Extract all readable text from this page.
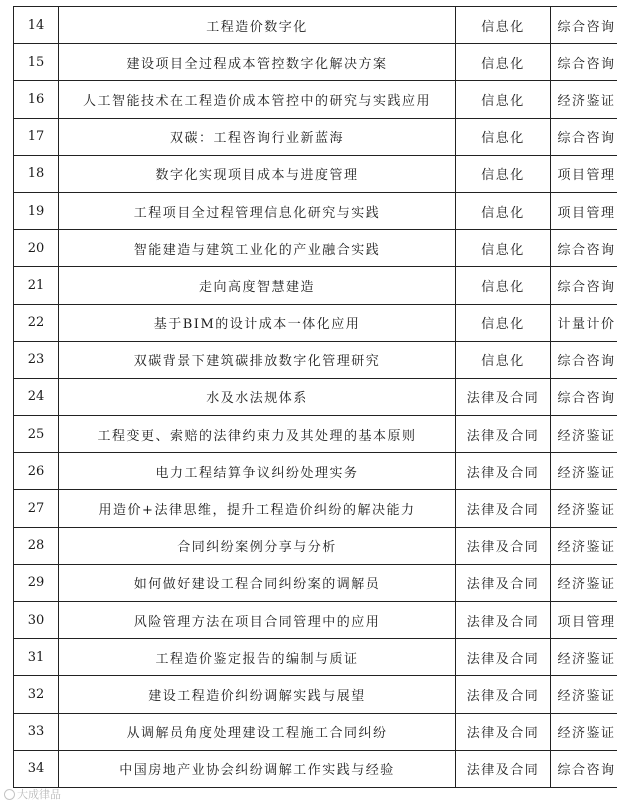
14	工程造价数字化	信息化	综合咨询
15	建设项目全过程成本管控数字化解决方案	信息化	综合咨询
16	人工智能技术在工程造价成本管控中的研究与实践应用	信息化	经济鉴证
17	双碳：工程咨询行业新蓝海	信息化	综合咨询
18	数字化实现项目成本与进度管理	信息化	项目管理
19	工程项目全过程管理信息化研究与实践	信息化	项目管理
20	智能建造与建筑工业化的产业融合实践	信息化	综合咨询
21	走向高度智慧建造	信息化	综合咨询
22	基于BIM的设计成本一体化应用	信息化	计量计价
23	双碳背景下建筑碳排放数字化管理研究	信息化	综合咨询
24	水及水法规体系	法律及合同	综合咨询
25	工程变更、索赔的法律约束力及其处理的基本原则	法律及合同	经济鉴证
26	电力工程结算争议纠纷处理实务	法律及合同	经济鉴证
27	用造价+法律思维，提升工程造价纠纷的解决能力	法律及合同	经济鉴证
28	合同纠纷案例分享与分析	法律及合同	经济鉴证
29	如何做好建设工程合同纠纷案的调解员	法律及合同	经济鉴证
30	风险管理方法在项目合同管理中的应用	法律及合同	项目管理
31	工程造价鉴定报告的编制与质证	法律及合同	经济鉴证
32	建设工程造价纠纷调解实践与展望	法律及合同	经济鉴证
33	从调解员角度处理建设工程施工合同纠纷	法律及合同	经济鉴证
34	中国房地产业协会纠纷调解工作实践与经验	法律及合同	综合咨询
大成律品
